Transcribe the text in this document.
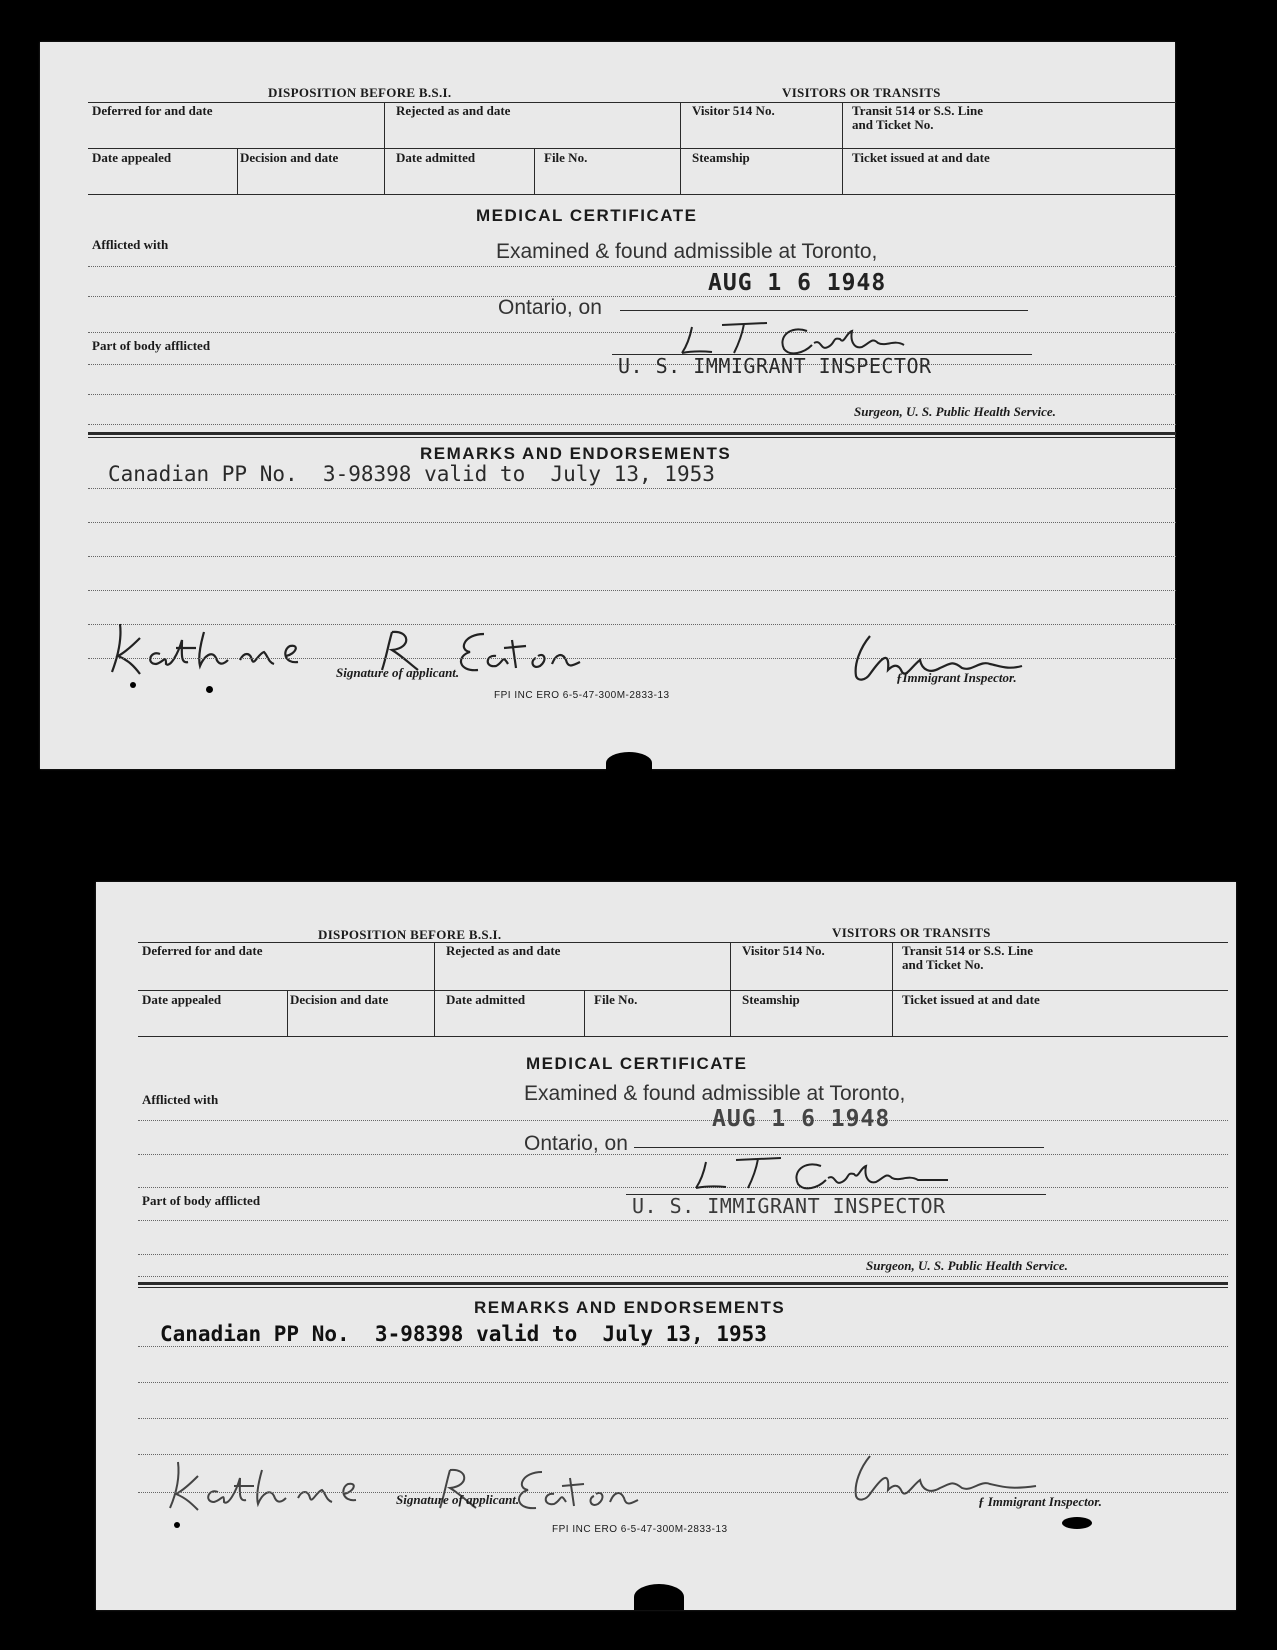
DISPOSITION BEFORE B.S.I.	VISITORS OR TRANSITS
Deferred for and date	Rejected as and date	Visitor 514 No.	Transit 514 or S.S. Line
and Ticket No.
Date appealed	Decision and date	Date admitted	File No.	Steamship	Ticket issued at and date
MEDICAL CERTIFICATE
Afflicted with
Part of body afflicted
Examined & found admissible at Toronto,
AUG 1 6 1948
Ontario, on
U. S. IMMIGRANT INSPECTOR
Surgeon, U. S. Public Health Service.
REMARKS AND ENDORSEMENTS
Canadian PP No.  3-98398 valid to  July 13, 1953
Signature of applicant.	ƒImmigrant Inspector.
FPI INC ERO 6-5-47-300M-2833-13
DISPOSITION BEFORE B.S.I.	VISITORS OR TRANSITS
Deferred for and date	Rejected as and date	Visitor 514 No.	Transit 514 or S.S. Line
and Ticket No.
Date appealed	Decision and date	Date admitted	File No.	Steamship	Ticket issued at and date
MEDICAL CERTIFICATE
Afflicted with
Part of body afflicted
Examined & found admissible at Toronto,
AUG 1 6 1948
Ontario, on
U. S. IMMIGRANT INSPECTOR
Surgeon, U. S. Public Health Service.
REMARKS AND ENDORSEMENTS
Canadian PP No.  3-98398 valid to  July 13, 1953
Signature of applicant.	ƒ Immigrant Inspector.
FPI INC ERO 6-5-47-300M-2833-13
